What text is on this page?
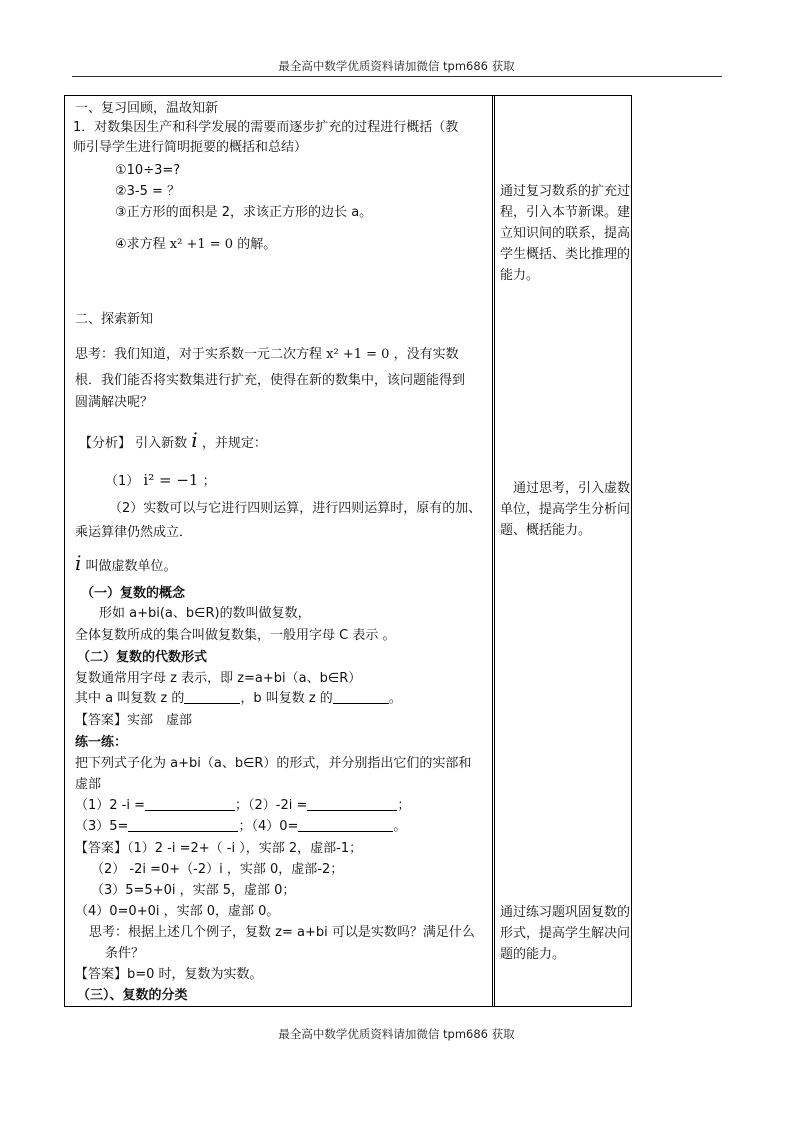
最全高中数学优质资料请加微信 tpm686 获取
一、复习回顾，温故知新
1．对数集因生产和科学发展的需要而逐步扩充的过程进行概括（教
师引导学生进行简明扼要的概括和总结）
①10÷3=?
②3-5 = ？
③正方形的面积是 2，求该正方形的边长 a。
④求方程 x² +1 = 0 的解。
二、探索新知
思考：我们知道，对于实系数一元二次方程 x² +1 = 0 ，没有实数
根．我们能否将实数集进行扩充，使得在新的数集中，该问题能得到
圆满解决呢？
【分析】 引入新数 i ，并规定：
（1） i² = −1 ；
（2）实数可以与它进行四则运算，进行四则运算时，原有的加、
乘运算律仍然成立．
i 叫做虚数单位。
（一）复数的概念
形如 a+bi(a、b∈R)的数叫做复数，
全体复数所成的集合叫做复数集，一般用字母 C 表示 。
（二）复数的代数形式
复数通常用字母 z 表示，即 z=a+bi（a、b∈R）
其中 a 叫复数 z 的	，b 叫复数 z 的	。
【答案】实部　虚部
练一练：
把下列式子化为 a+bi（a、b∈R）的形式，并分别指出它们的实部和
虚部
（1）2 -i =	；（2）-2i =	；
（3）5=	；（4）0=	。
【答案】（1）2 -i =2+（ -i ），实部 2，虚部-1；
（2） -2i =0+（-2）i ，实部 0，虚部-2；
（3）5=5+0i ，实部 5，虚部 0；
（4）0=0+0i ，实部 0，虚部 0。
思考：根据上述几个例子，复数 z= a+bi 可以是实数吗？满足什么
条件？
【答案】b=0 时，复数为实数。
（三）、复数的分类
通过复习数系的扩充过程，引入本节新课。建立知识间的联系，提高学生概括、类比推理的能力。
　通过思考，引入虚数单位，提高学生分析问题、概括能力。
通过练习题巩固复数的形式，提高学生解决问题的能力。
最全高中数学优质资料请加微信 tpm686 获取
